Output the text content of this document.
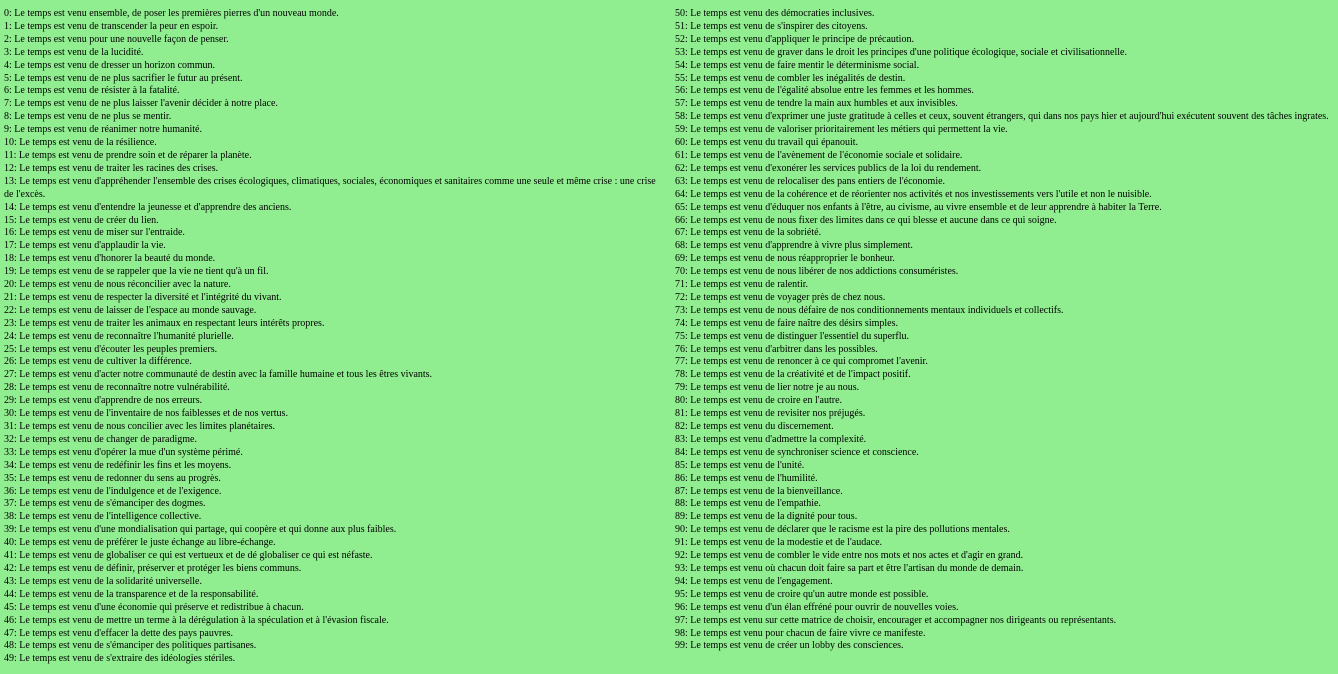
0: Le temps est venu ensemble, de poser les premières pierres d'un nouveau monde.
1: Le temps est venu de transcender la peur en espoir.
2: Le temps est venu pour une nouvelle façon de penser.
3: Le temps est venu de la lucidité.
4: Le temps est venu de dresser un horizon commun.
5: Le temps est venu de ne plus sacrifier le futur au présent.
6: Le temps est venu de résister à la fatalité.
7: Le temps est venu de ne plus laisser l'avenir décider à notre place.
8: Le temps est venu de ne plus se mentir.
9: Le temps est venu de réanimer notre humanité.
10: Le temps est venu de la résilience.
11: Le temps est venu de prendre soin et de réparer la planète.
12: Le temps est venu de traiter les racines des crises.
13: Le temps est venu d'appréhender l'ensemble des crises écologiques, climatiques, sociales, économiques et sanitaires comme une seule et même crise : une crise de l'excès.
14: Le temps est venu d'entendre la jeunesse et d'apprendre des anciens.
15: Le temps est venu de créer du lien.
16: Le temps est venu de miser sur l'entraide.
17: Le temps est venu d'applaudir la vie.
18: Le temps est venu d'honorer la beauté du monde.
19: Le temps est venu de se rappeler que la vie ne tient qu'à un fil.
20: Le temps est venu de nous réconcilier avec la nature.
21: Le temps est venu de respecter la diversité et l'intégrité du vivant.
22: Le temps est venu de laisser de l'espace au monde sauvage.
23: Le temps est venu de traiter les animaux en respectant leurs intérêts propres.
24: Le temps est venu de reconnaître l'humanité plurielle.
25: Le temps est venu d'écouter les peuples premiers.
26: Le temps est venu de cultiver la différence.
27: Le temps est venu d'acter notre communauté de destin avec la famille humaine et tous les êtres vivants.
28: Le temps est venu de reconnaître notre vulnérabilité.
29: Le temps est venu d'apprendre de nos erreurs.
30: Le temps est venu de l'inventaire de nos faiblesses et de nos vertus.
31: Le temps est venu de nous concilier avec les limites planétaires.
32: Le temps est venu de changer de paradigme.
33: Le temps est venu d'opérer la mue d'un système périmé.
34: Le temps est venu de redéfinir les fins et les moyens.
35: Le temps est venu de redonner du sens au progrès.
36: Le temps est venu de l'indulgence et de l'exigence.
37: Le temps est venu de s'émanciper des dogmes.
38: Le temps est venu de l'intelligence collective.
39: Le temps est venu d'une mondialisation qui partage, qui coopère et qui donne aux plus faibles.
40: Le temps est venu de préférer le juste échange au libre-échange.
41: Le temps est venu de globaliser ce qui est vertueux et de dé globaliser ce qui est néfaste.
42: Le temps est venu de définir, préserver et protéger les biens communs.
43: Le temps est venu de la solidarité universelle.
44: Le temps est venu de la transparence et de la responsabilité.
45: Le temps est venu d'une économie qui préserve et redistribue à chacun.
46: Le temps est venu de mettre un terme à la dérégulation à la spéculation et à l'évasion fiscale.
47: Le temps est venu d'effacer la dette des pays pauvres.
48: Le temps est venu de s'émanciper des politiques partisanes.
49: Le temps est venu de s'extraire des idéologies stériles.
50: Le temps est venu des démocraties inclusives.
51: Le temps est venu de s'inspirer des citoyens.
52: Le temps est venu d'appliquer le principe de précaution.
53: Le temps est venu de graver dans le droit les principes d'une politique écologique, sociale et civilisationnelle.
54: Le temps est venu de faire mentir le déterminisme social.
55: Le temps est venu de combler les inégalités de destin.
56: Le temps est venu de l'égalité absolue entre les femmes et les hommes.
57: Le temps est venu de tendre la main aux humbles et aux invisibles.
58: Le temps est venu d'exprimer une juste gratitude à celles et ceux, souvent étrangers, qui dans nos pays hier et aujourd'hui exécutent souvent des tâches ingrates.
59: Le temps est venu de valoriser prioritairement les métiers qui permettent la vie.
60: Le temps est venu du travail qui épanouit.
61: Le temps est venu de l'avènement de l'économie sociale et solidaire.
62: Le temps est venu d'exonérer les services publics de la loi du rendement.
63: Le temps est venu de relocaliser des pans entiers de l'économie.
64: Le temps est venu de la cohérence et de réorienter nos activités et nos investissements vers l'utile et non le nuisible.
65: Le temps est venu d'éduquer nos enfants à l'être, au civisme, au vivre ensemble et de leur apprendre à habiter la Terre.
66: Le temps est venu de nous fixer des limites dans ce qui blesse et aucune dans ce qui soigne.
67: Le temps est venu de la sobriété.
68: Le temps est venu d'apprendre à vivre plus simplement.
69: Le temps est venu de nous réapproprier le bonheur.
70: Le temps est venu de nous libérer de nos addictions consuméristes.
71: Le temps est venu de ralentir.
72: Le temps est venu de voyager près de chez nous.
73: Le temps est venu de nous défaire de nos conditionnements mentaux individuels et collectifs.
74: Le temps est venu de faire naître des désirs simples.
75: Le temps est venu de distinguer l'essentiel du superflu.
76: Le temps est venu d'arbitrer dans les possibles.
77: Le temps est venu de renoncer à ce qui compromet l'avenir.
78: Le temps est venu de la créativité et de l'impact positif.
79: Le temps est venu de lier notre je au nous.
80: Le temps est venu de croire en l'autre.
81: Le temps est venu de revisiter nos préjugés.
82: Le temps est venu du discernement.
83: Le temps est venu d'admettre la complexité.
84: Le temps est venu de synchroniser science et conscience.
85: Le temps est venu de l'unité.
86: Le temps est venu de l'humilité.
87: Le temps est venu de la bienveillance.
88: Le temps est venu de l'empathie.
89: Le temps est venu de la dignité pour tous.
90: Le temps est venu de déclarer que le racisme est la pire des pollutions mentales.
91: Le temps est venu de la modestie et de l'audace.
92: Le temps est venu de combler le vide entre nos mots et nos actes et d'agir en grand.
93: Le temps est venu où chacun doit faire sa part et être l'artisan du monde de demain.
94: Le temps est venu de l'engagement.
95: Le temps est venu de croire qu'un autre monde est possible.
96: Le temps est venu d'un élan effréné pour ouvrir de nouvelles voies.
97: Le temps est venu sur cette matrice de choisir, encourager et accompagner nos dirigeants ou représentants.
98: Le temps est venu pour chacun de faire vivre ce manifeste.
99: Le temps est venu de créer un lobby des consciences.
